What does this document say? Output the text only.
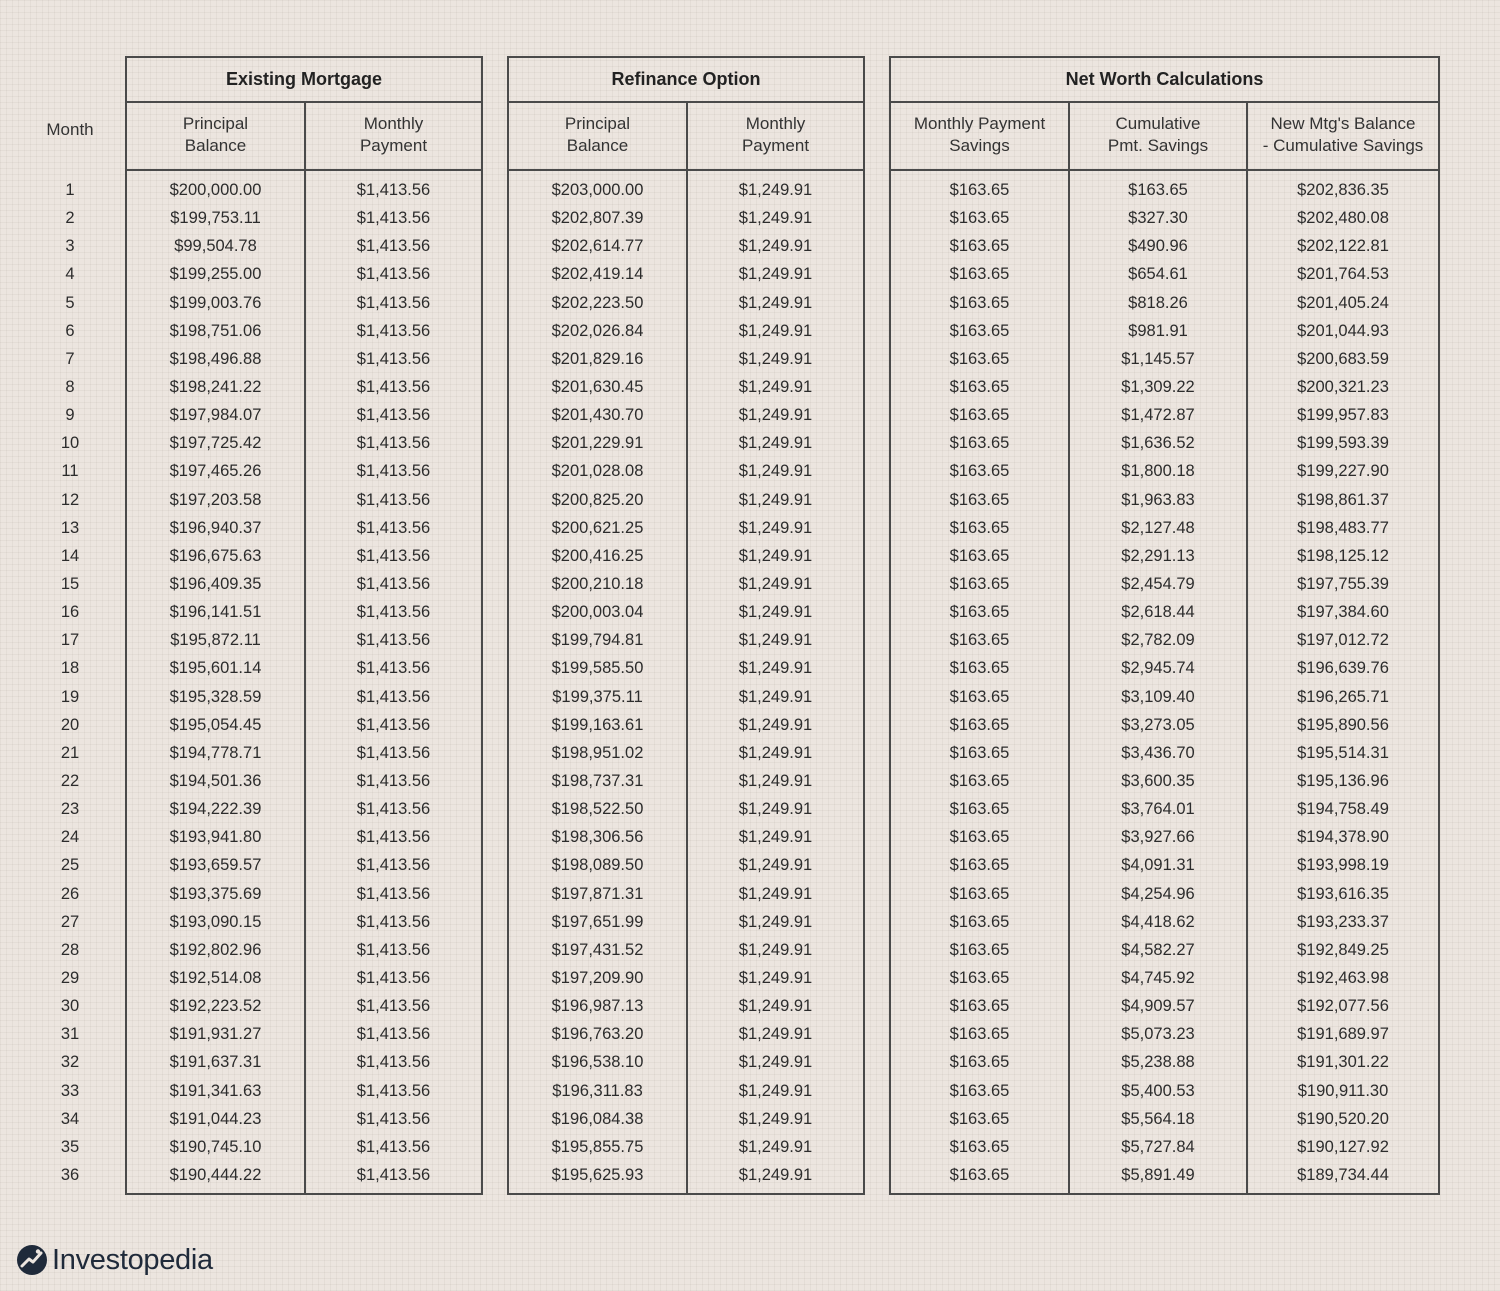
Month
Existing Mortgage
Principal
Balance
Monthly
Payment
Refinance Option
Principal
Balance
Monthly
Payment
Net Worth Calculations
Monthly Payment
Savings
Cumulative
Pmt. Savings
New Mtg's Balance
- Cumulative Savings
1
2
3
4
5
6
7
8
9
10
11
12
13
14
15
16
17
18
19
20
21
22
23
24
25
26
27
28
29
30
31
32
33
34
35
36
$200,000.00
$199,753.11
$99,504.78
$199,255.00
$199,003.76
$198,751.06
$198,496.88
$198,241.22
$197,984.07
$197,725.42
$197,465.26
$197,203.58
$196,940.37
$196,675.63
$196,409.35
$196,141.51
$195,872.11
$195,601.14
$195,328.59
$195,054.45
$194,778.71
$194,501.36
$194,222.39
$193,941.80
$193,659.57
$193,375.69
$193,090.15
$192,802.96
$192,514.08
$192,223.52
$191,931.27
$191,637.31
$191,341.63
$191,044.23
$190,745.10
$190,444.22
$1,413.56
$1,413.56
$1,413.56
$1,413.56
$1,413.56
$1,413.56
$1,413.56
$1,413.56
$1,413.56
$1,413.56
$1,413.56
$1,413.56
$1,413.56
$1,413.56
$1,413.56
$1,413.56
$1,413.56
$1,413.56
$1,413.56
$1,413.56
$1,413.56
$1,413.56
$1,413.56
$1,413.56
$1,413.56
$1,413.56
$1,413.56
$1,413.56
$1,413.56
$1,413.56
$1,413.56
$1,413.56
$1,413.56
$1,413.56
$1,413.56
$1,413.56
$203,000.00
$202,807.39
$202,614.77
$202,419.14
$202,223.50
$202,026.84
$201,829.16
$201,630.45
$201,430.70
$201,229.91
$201,028.08
$200,825.20
$200,621.25
$200,416.25
$200,210.18
$200,003.04
$199,794.81
$199,585.50
$199,375.11
$199,163.61
$198,951.02
$198,737.31
$198,522.50
$198,306.56
$198,089.50
$197,871.31
$197,651.99
$197,431.52
$197,209.90
$196,987.13
$196,763.20
$196,538.10
$196,311.83
$196,084.38
$195,855.75
$195,625.93
$1,249.91
$1,249.91
$1,249.91
$1,249.91
$1,249.91
$1,249.91
$1,249.91
$1,249.91
$1,249.91
$1,249.91
$1,249.91
$1,249.91
$1,249.91
$1,249.91
$1,249.91
$1,249.91
$1,249.91
$1,249.91
$1,249.91
$1,249.91
$1,249.91
$1,249.91
$1,249.91
$1,249.91
$1,249.91
$1,249.91
$1,249.91
$1,249.91
$1,249.91
$1,249.91
$1,249.91
$1,249.91
$1,249.91
$1,249.91
$1,249.91
$1,249.91
$163.65
$163.65
$163.65
$163.65
$163.65
$163.65
$163.65
$163.65
$163.65
$163.65
$163.65
$163.65
$163.65
$163.65
$163.65
$163.65
$163.65
$163.65
$163.65
$163.65
$163.65
$163.65
$163.65
$163.65
$163.65
$163.65
$163.65
$163.65
$163.65
$163.65
$163.65
$163.65
$163.65
$163.65
$163.65
$163.65
$163.65
$327.30
$490.96
$654.61
$818.26
$981.91
$1,145.57
$1,309.22
$1,472.87
$1,636.52
$1,800.18
$1,963.83
$2,127.48
$2,291.13
$2,454.79
$2,618.44
$2,782.09
$2,945.74
$3,109.40
$3,273.05
$3,436.70
$3,600.35
$3,764.01
$3,927.66
$4,091.31
$4,254.96
$4,418.62
$4,582.27
$4,745.92
$4,909.57
$5,073.23
$5,238.88
$5,400.53
$5,564.18
$5,727.84
$5,891.49
$202,836.35
$202,480.08
$202,122.81
$201,764.53
$201,405.24
$201,044.93
$200,683.59
$200,321.23
$199,957.83
$199,593.39
$199,227.90
$198,861.37
$198,483.77
$198,125.12
$197,755.39
$197,384.60
$197,012.72
$196,639.76
$196,265.71
$195,890.56
$195,514.31
$195,136.96
$194,758.49
$194,378.90
$193,998.19
$193,616.35
$193,233.37
$192,849.25
$192,463.98
$192,077.56
$191,689.97
$191,301.22
$190,911.30
$190,520.20
$190,127.92
$189,734.44
Investopedia
